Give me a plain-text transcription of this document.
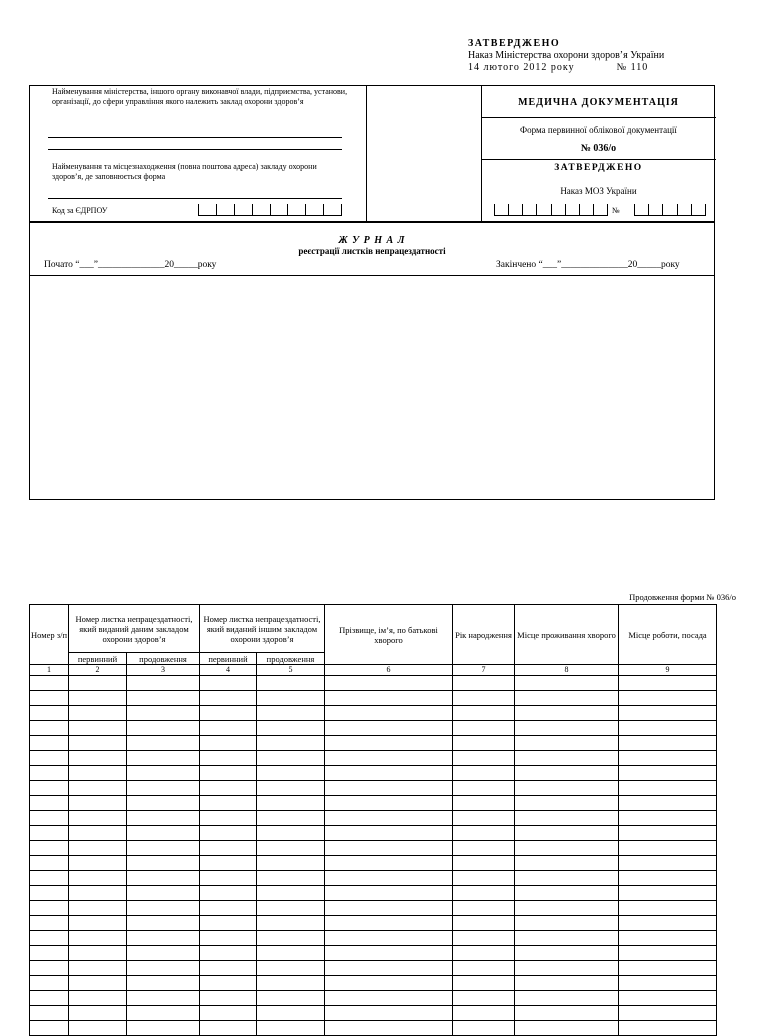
ЗАТВЕРДЖЕНО
Наказ Міністерства охорони здоров’я України
14 лютого 2012 року	№ 110
Найменування міністерства, іншого органу виконавчої влади, підприємства, установи, організації, до сфери управління якого належить заклад охорони здоров’я
Найменування та місцезнаходження (повна поштова адреса) закладу охорони здоров’я, де заповнюється форма
Код за ЄДРПОУ
МЕДИЧНА ДОКУМЕНТАЦІЯ
Форма первинної облікової документації
№ 036/о
ЗАТВЕРДЖЕНО
Наказ МОЗ України
№
Ж У Р Н А Л
реєстрації листків непрацездатності
Почато “___”______________20_____року	Закінчено “___”______________20_____року
Продовження форми № 036/о
Номер з/п	Номер листка непрацездатності, який виданий даним закладом охорони здоров’я		Номер листка непрацездатності, який виданий іншим закладом охорони здоров’я		Прізвище, ім’я, по батькові хворого	Рік народження	Місце проживання хворого	Місце роботи, посада
	первинний	продовження	первинний	продовження				
1	2	3	4	5	6	7	8	9
